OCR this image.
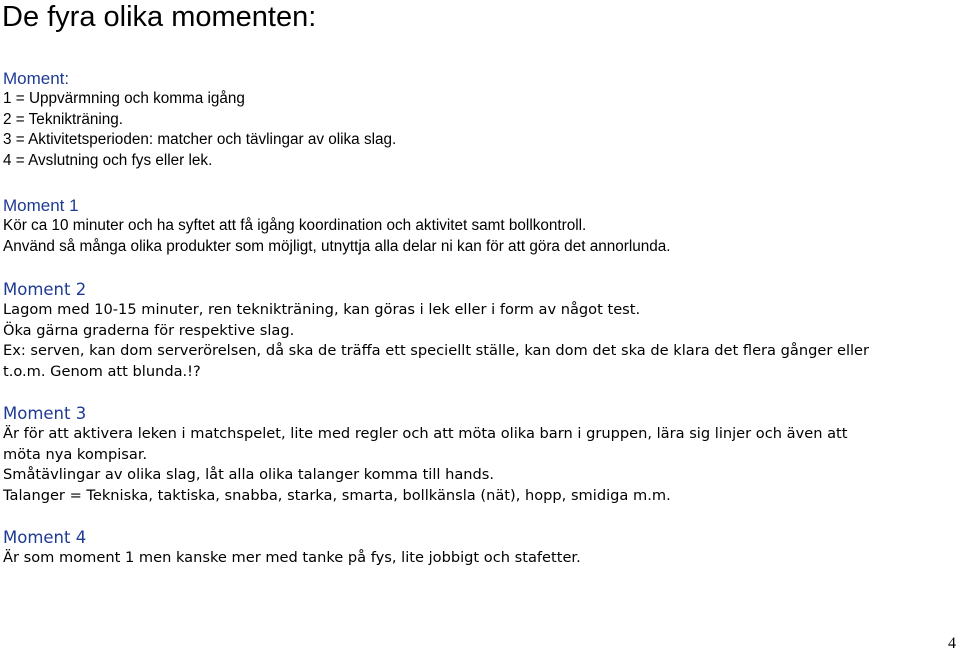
De fyra olika momenten:
Moment:
1 = Uppvärmning och komma igång
2 = Teknikträning.
3 = Aktivitetsperioden: matcher och tävlingar av olika slag.
4 = Avslutning och fys eller lek.
Moment 1
Kör ca 10 minuter och ha syftet att få igång koordination och aktivitet samt bollkontroll.
Använd så många olika produkter som möjligt, utnyttja alla delar ni kan för att göra det annorlunda.
Moment 2
Lagom med 10-15 minuter, ren teknikträning, kan göras i lek eller i form av något test.
Öka gärna graderna för respektive slag.
Ex: serven, kan dom serverörelsen, då ska de träffa ett speciellt ställe, kan dom det ska de klara det flera gånger eller
t.o.m. Genom att blunda.!?
Moment 3
Är för att aktivera leken i matchspelet, lite med regler och att möta olika barn i gruppen, lära sig linjer och även att
möta nya kompisar.
Småtävlingar av olika slag, låt alla olika talanger komma till hands.
Talanger = Tekniska, taktiska, snabba, starka, smarta, bollkänsla (nät), hopp, smidiga m.m.
Moment 4
Är som moment 1 men kanske mer med tanke på fys, lite jobbigt och stafetter.
4
